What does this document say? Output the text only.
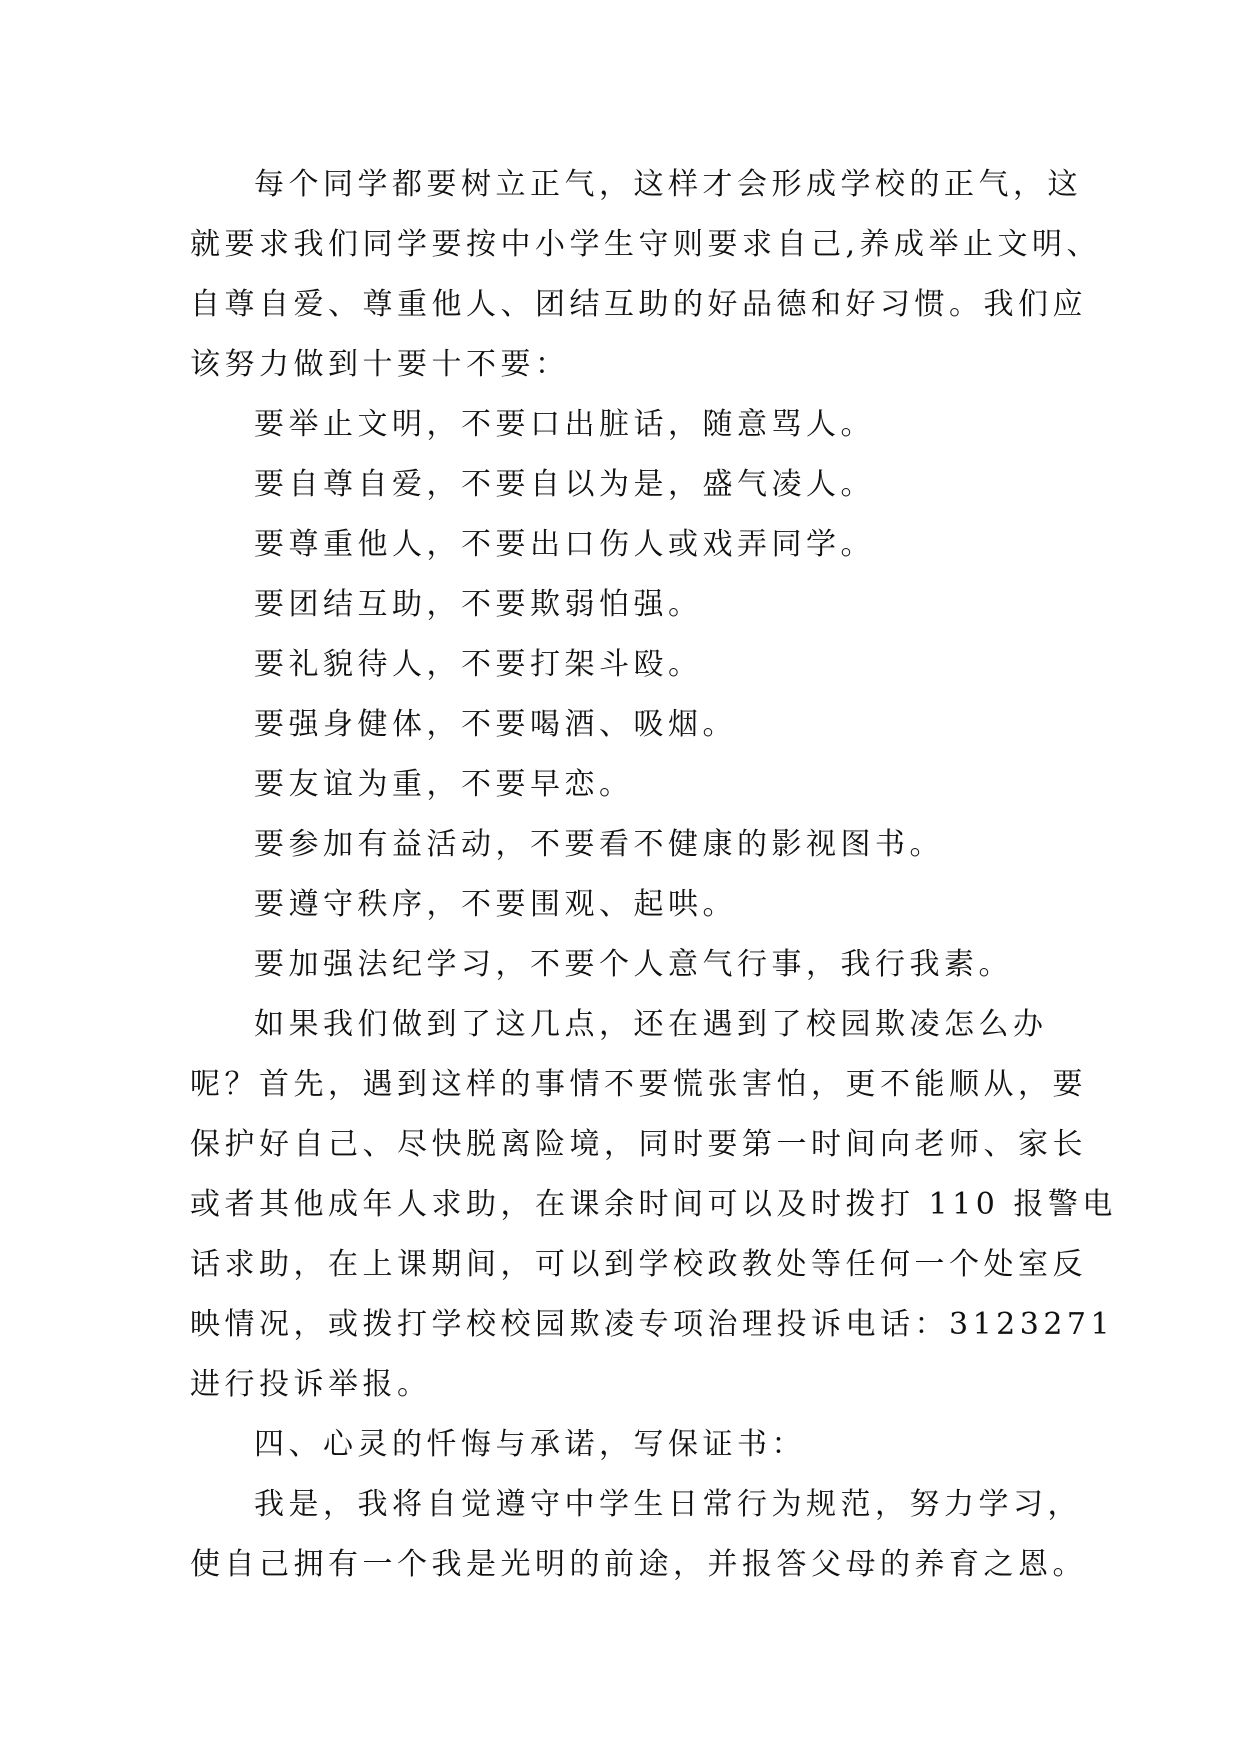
每个同学都要树立正气，这样才会形成学校的正气，这
就要求我们同学要按中小学生守则要求自己,养成举止文明、
自尊自爱、尊重他人、团结互助的好品德和好习惯。我们应
该努力做到十要十不要：
要举止文明，不要口出脏话，随意骂人。
要自尊自爱，不要自以为是，盛气凌人。
要尊重他人，不要出口伤人或戏弄同学。
要团结互助，不要欺弱怕强。
要礼貌待人，不要打架斗殴。
要强身健体，不要喝酒、吸烟。
要友谊为重，不要早恋。
要参加有益活动，不要看不健康的影视图书。
要遵守秩序，不要围观、起哄。
要加强法纪学习，不要个人意气行事，我行我素。
如果我们做到了这几点，还在遇到了校园欺凌怎么办
呢？首先，遇到这样的事情不要慌张害怕，更不能顺从，要
保护好自己、尽快脱离险境，同时要第一时间向老师、家长
或者其他成年人求助，在课余时间可以及时拨打 110 报警电
话求助，在上课期间，可以到学校政教处等任何一个处室反
映情况，或拨打学校校园欺凌专项治理投诉电话：3123271
进行投诉举报。
四、心灵的忏悔与承诺，写保证书：
我是，我将自觉遵守中学生日常行为规范，努力学习，
使自己拥有一个我是光明的前途，并报答父母的养育之恩。
